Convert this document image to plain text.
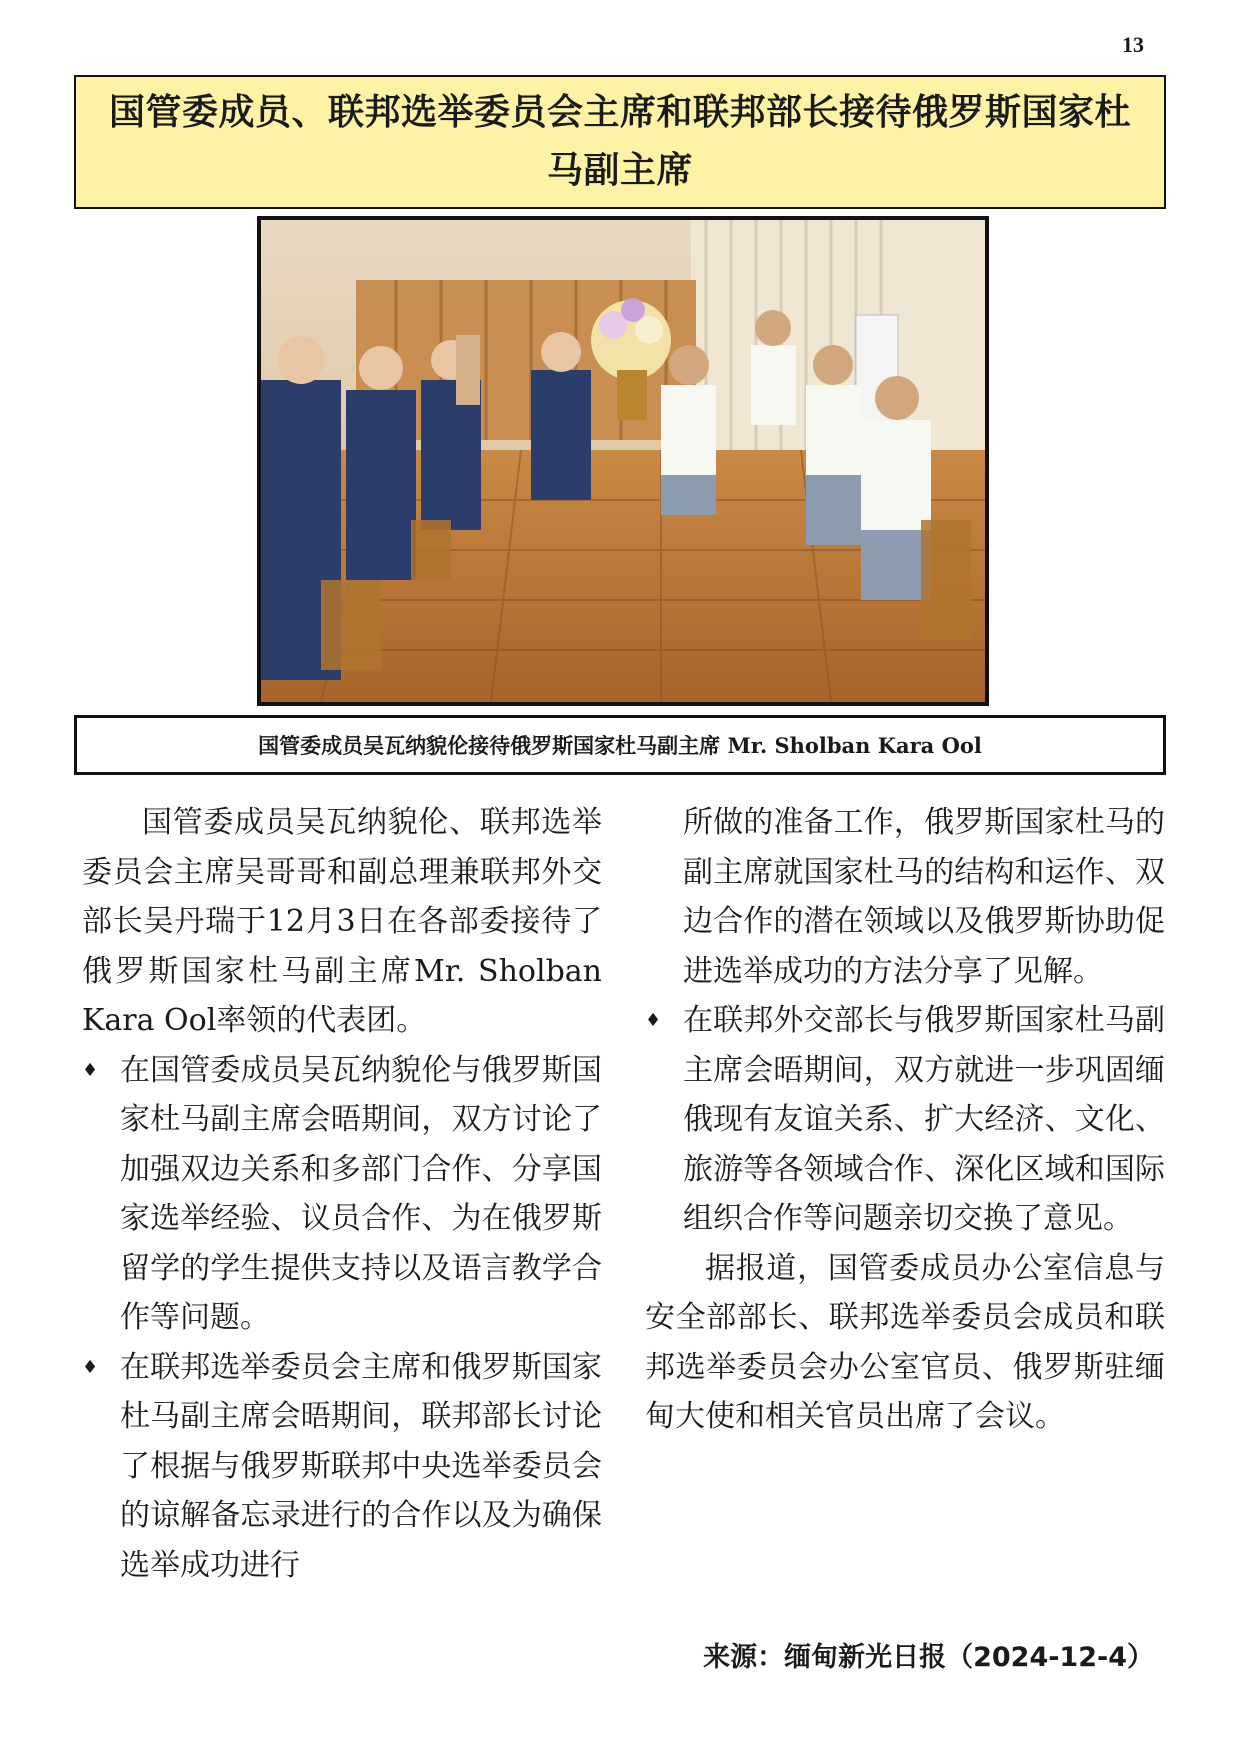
13
国管委成员、联邦选举委员会主席和联邦部长接待俄罗斯国家杜马副主席

国管委成员吴瓦纳貌伦接待俄罗斯国家杜马副主席 Mr. Sholban Kara Ool

国管委成员吴瓦纳貌伦、联邦选举委员会主席吴哥哥和副总理兼联邦外交部长吴丹瑞于12月3日在各部委接待了俄罗斯国家杜马副主席Mr. Sholban Kara Ool率领的代表团。

♦ 在国管委成员吴瓦纳貌伦与俄罗斯国家杜马副主席会晤期间，双方讨论了加强双边关系和多部门合作、分享国家选举经验、议员合作、为在俄罗斯留学的学生提供支持以及语言教学合作等问题。

♦ 在联邦选举委员会主席和俄罗斯国家杜马副主席会晤期间，联邦部长讨论了根据与俄罗斯联邦中央选举委员会的谅解备忘录进行的合作以及为确保选举成功进行

所做的准备工作，俄罗斯国家杜马的副主席就国家杜马的结构和运作、双边合作的潜在领域以及俄罗斯协助促进选举成功的方法分享了见解。

♦ 在联邦外交部长与俄罗斯国家杜马副主席会晤期间，双方就进一步巩固缅俄现有友谊关系、扩大经济、文化、旅游等各领域合作、深化区域和国际组织合作等问题亲切交换了意见。

据报道，国管委成员办公室信息与安全部部长、联邦选举委员会成员和联邦选举委员会办公室官员、俄罗斯驻缅甸大使和相关官员出席了会议。

来源：缅甸新光日报（2024-12-4）
